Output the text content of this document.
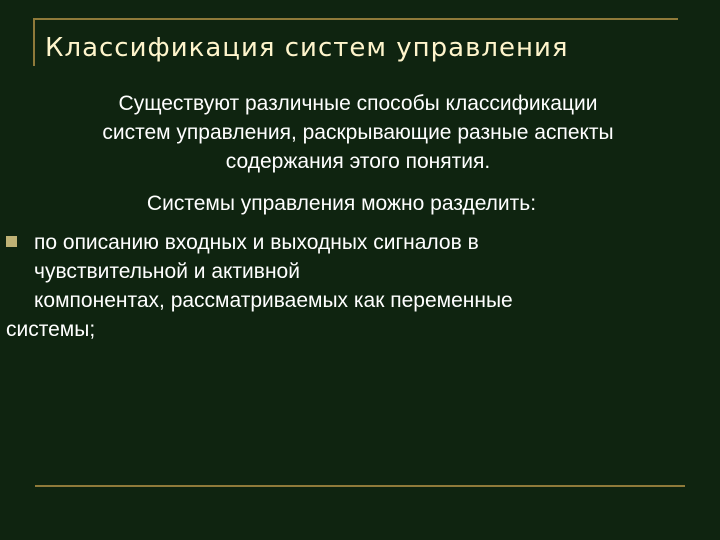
Классификация систем управления
Существуют различные способы классификации
систем управления, раскрывающие разные аспекты
содержания этого понятия.
Системы управления можно разделить:
по описанию входных и выходных сигналов в
чувствительной и активной
компонентах, рассматриваемых как переменные
системы;
